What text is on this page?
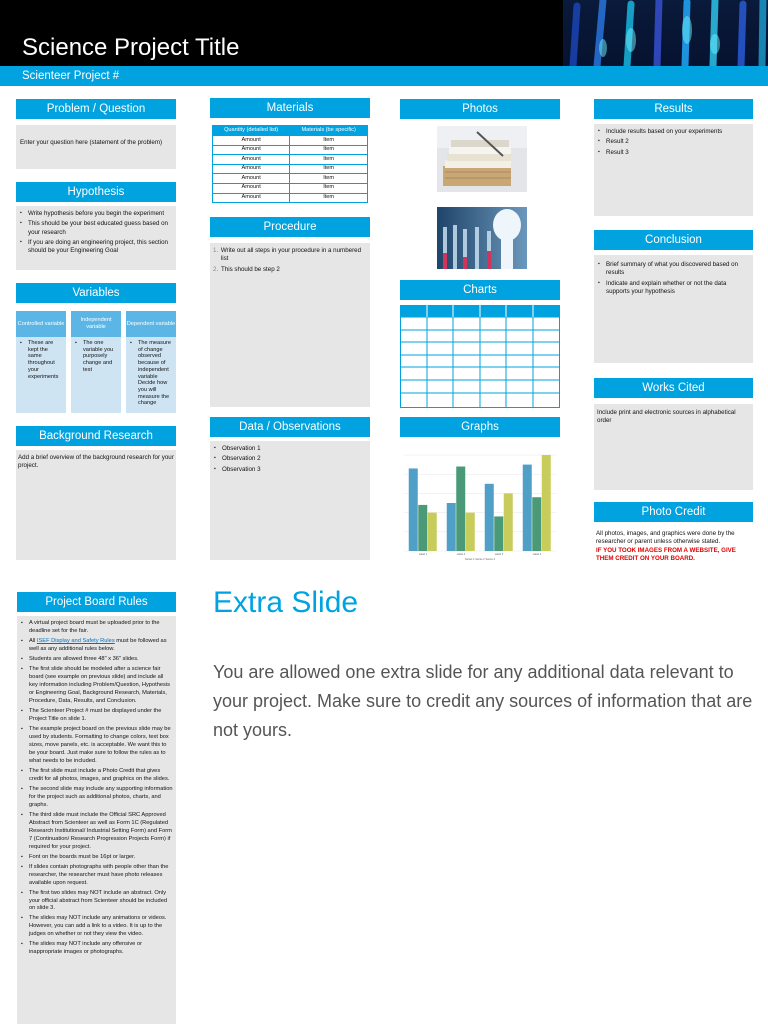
Science Project Title
Scienteer Project #
Problem / Question

Enter your question here (statement of the problem)

Hypothesis
▪ Write hypothesis before you begin the experiment
▪ This should be your best educated guess based on your research
▪ If you are doing an engineering project, this section should be your Engineering Goal
Variables
Controlled variable
▪ These are kept the same throughout your experiments
Independent variable
▪ The one variable you purposely change and test
Dependent variable
▪ The measure of change observed because of independent variable Decide how you will measure the change
Background Research

Add a brief overview of the background research for your project.

Materials
Quantity (detailed list)	Materials (be specific)
Amount	Item
Amount	Item
Amount	Item
Amount	Item
Amount	Item
Amount	Item
Amount	Item
Procedure
1. Write out all steps in your procedure in a numbered list
2. This should be step 2
Data / Observations
▪ Observation 1
▪ Observation 2
▪ Observation 3
Photos
Charts
Graphs
Label 1	Label 2	Label 3	Label 4
Series 1 Series 2 Series 3
Results
▪ Include results based on your experiments
▪ Result 2
▪ Result 3
Conclusion
▪ Brief summary of what you discovered based on results
▪ Indicate and explain whether or not the data supports your hypothesis
Works Cited

Include print and electronic sources in alphabetical order

Photo Credit

All photos, images, and graphics were done by the researcher or parent unless otherwise stated.

IF YOU TOOK IMAGES FROM A WEBSITE, GIVE THEM CREDIT ON YOUR BOARD.

Project Board Rules
▪ A virtual project board must be uploaded prior to the deadline set for the fair.
▪ All ISEF Display and Safety Rules must be followed as well as any additional rules below.
▪ Students are allowed three 48" x 36" slides.
▪ The first slide should be modeled after a science fair board (see example on previous slide) and include all key information including Problem/Question, Hypothesis or Engineering Goal, Background Research, Materials, Procedure, Data, Results, and Conclusion.
▪ The Scienteer Project # must be displayed under the Project Title on slide 1.
▪ The example project board on the previous slide may be used by students. Formatting to change colors, text box sizes, move panels, etc. is acceptable. We want this to be your board. Just make sure to follow the rules as to what needs to be included.
▪ The first slide must include a Photo Credit that gives credit for all photos, images, and graphics on the slides.
▪ The second slide may include any supporting information for the project such as additional photos, charts, and graphs.
▪ The third slide must include the Official SRC Approved Abstract from Scienteer as well as Form 1C (Regulated Research Institutional/ Industrial Setting Form) and Form 7 (Continuation/ Research Progression Projects Form) if required for your project.
▪ Font on the boards must be 16pt or larger.
▪ If slides contain photographs with people other than the researcher, the researcher must have photo releases available upon request.
▪ The first two slides may NOT include an abstract. Only your official abstract from Scienteer should be included on slide 3.
▪ The slides may NOT include any animations or videos. However, you can add a link to a video. It is up to the judges on whether or not they view the video.
▪ The slides may NOT include any offensive or inappropriate images or photographs.
Extra Slide
You are allowed one extra slide for any additional data relevant to your project. Make sure to credit any sources of information that are not yours.
